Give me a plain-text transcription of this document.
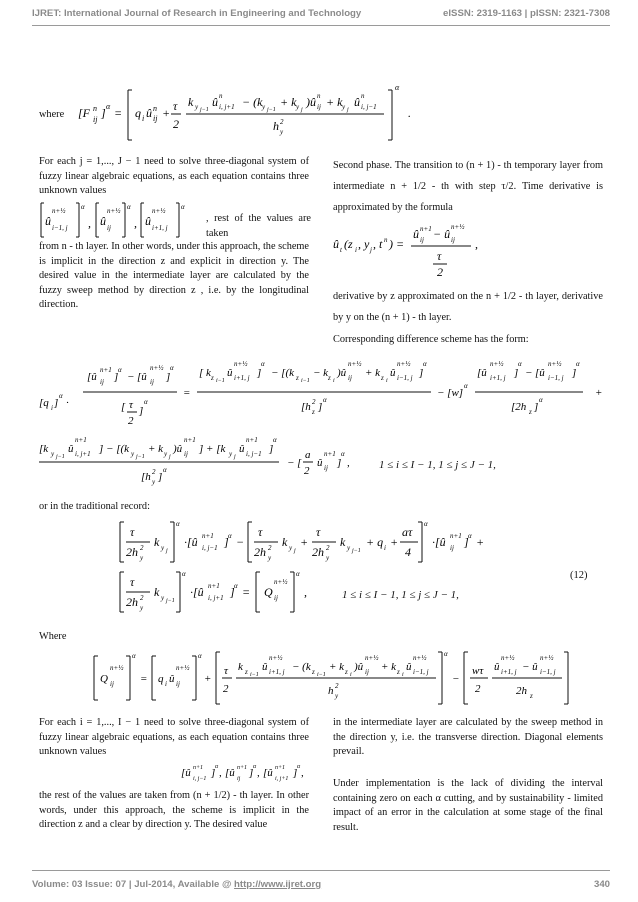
IJRET: International Journal of Research in Engineering and Technology	eISSN: 2319-1163 | pISSN: 2321-7308
where [F ij
n ] α = q i û ij
n + τ
2
k y j−1
û n
i, j+1 − (k y j−1
+ k y j
)û n
ij + k y j
û n
i, j−1
h y
2
α
.
For each j = 1,..., J − 1 need to solve three-diagonal system of fuzzy linear algebraic equations, as each equation contains three unknown values
û
n+½
i−1, j
α
, û
n+½
ij
α
, û
n+½
i+1, j
α
, rest of the values are taken
from n - th layer. In other words, under this approach, the scheme is implicit in the direction z and explicit in direction y. The desired value in the intermediate layer are calculated by the fuzzy sweep method by direction z , i.e. by the longitudinal direction.
Second phase. The transition to (n + 1) - th temporary layer from intermediate n + 1/2 - th with step τ/2. Time derivative is approximated by the formula
û t (z i , y j , t n ) =
û n+1
ij − û n+½
ij
τ
2
,
derivative by z approximated on the n + 1/2 - th layer, derivative by y on the (n + 1) - th layer.
Corresponding difference scheme has the form:
[q i ]
α
·
[û
n+1
ij ]
α
− [û
n+½
ij ]
α
[ τ
2
]
α
=
[ k z i−1
û
n+½
i+1, j ]
α
− [(k z i−1
− k z i
)û
n+½
ij + k z i
û
n+½
i−1, j ]
α
[h z
2 ]
α
− [w]
α
[û
n+½
i+1, j ]
α
− [û
n+½
i−1, j ]
α
[2h z ]
α
+
[k y j−1
û
n+1
i, j+1 ] − [(k y j−1
+ k y j
)û
n+1
ij ] + [k y j
û
n+1
i, j−1 ]
α
[h y
2 ]
α
− [
a
2
û
n+1
ij ]
α
,	1 ≤ i ≤ I − 1, 1 ≤ j ≤ J − 1,
or in the traditional record:
τ
2h y
2 k y j
α
·[û n+1
i, j−1 ] α −
τ
2h y
2 k y j
+
τ
2h y
2 k y j−1
+ q i +
aτ
4
α
·[û n+1
ij ] α +
τ
2h y
2 k y j−1
α
·[û n+1
i, j+1 ] α = Q
n+½
ij
α
,	1 ≤ i ≤ I − 1, 1 ≤ j ≤ J − 1,
(12)
Where
Q
n+½
ij
α
= q i û
n+½
ij
α
+
τ
2
k z i−1
û
n+½
i+1, j − (k z i−1
+ k z i
)û
n+½
ij + k z i
û
n+½
i−1, j
h y
2
α
−
wτ
2
û
n+½
i+1, j − û
n+½
i−1, j
2h z
For each i = 1,..., I − 1 need to solve three-diagonal system of fuzzy linear algebraic equations, as each equation contains three unknown values
[û n+1
i, j−1 ] α , [û n+1
ij ] α , [û n+1
i, j+1 ] α ,
the rest of the values are taken from (n + 1/2) - th layer. In other words, under this approach, the scheme is implicit in the direction z and a clear by direction y. The desired value
in the intermediate layer are calculated by the sweep method in the direction y, i.e. the transverse direction. Diagonal elements prevail.
Under implementation is the lack of dividing the interval containing zero on each α cutting, and by sustainability - limited impact of an error in the calculation at some stage of the final result.
Volume: 03 Issue: 07 | Jul-2014, Available @ http://www.ijret.org	340
